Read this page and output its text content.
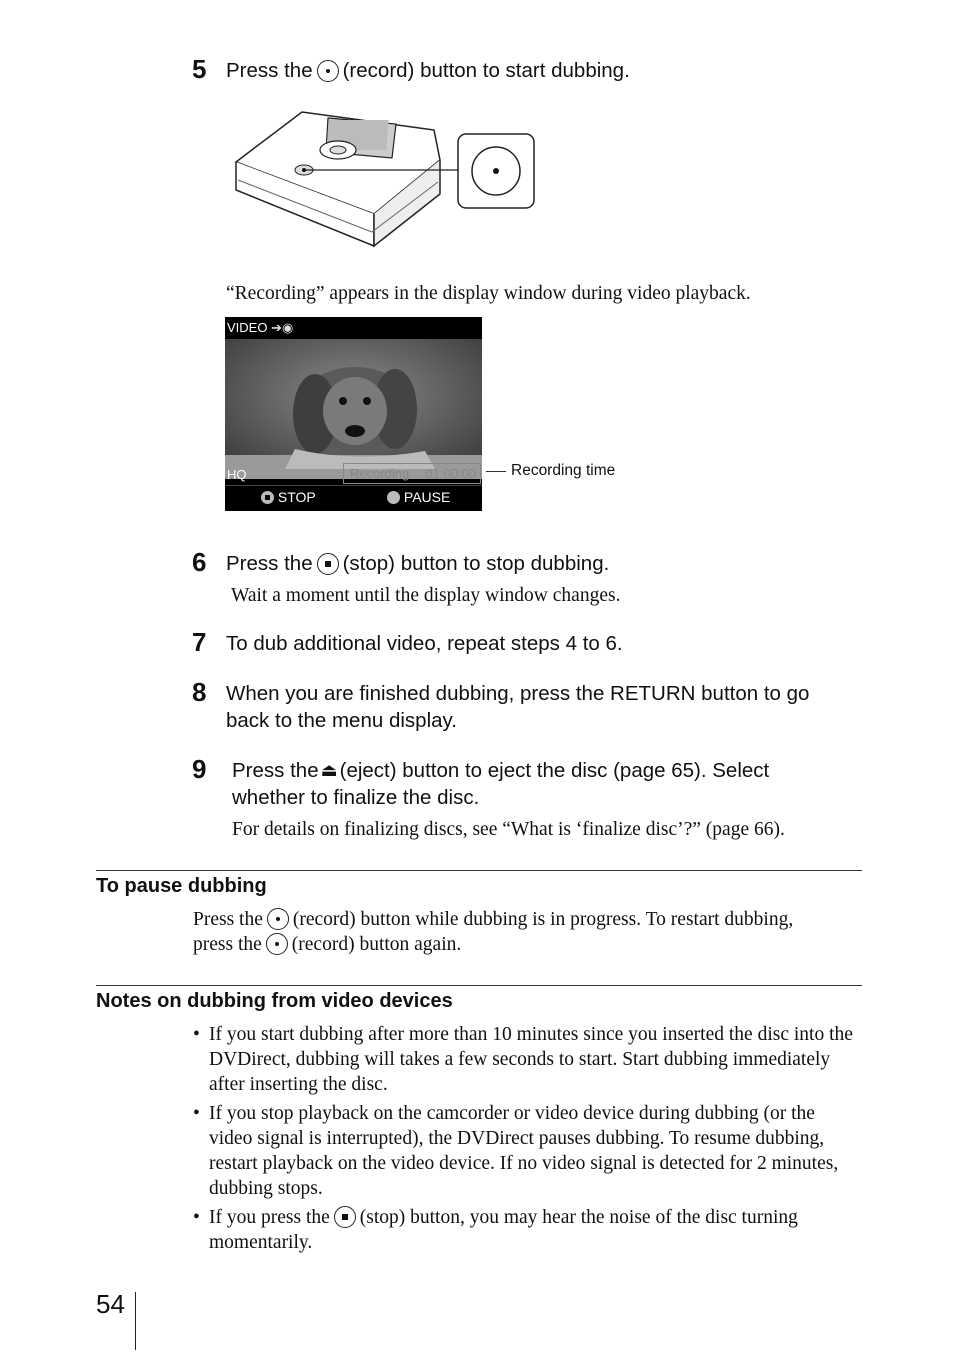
5 Press the (record) button to start dubbing.
“Recording” appears in the display window during video playback.
VIDEO ➔◉
HQ	Recording 01:00:00
STOP	PAUSE
Recording time
6 Press the (stop) button to stop dubbing.
Wait a moment until the display window changes.
7 To dub additional video, repeat steps 4 to 6.
8 When you are finished dubbing, press the RETURN button to go
back to the menu display.
9 Press the ⏏(eject) button to eject the disc (page 65). Select
whether to finalize the disc.
For details on finalizing discs, see “What is ‘finalize disc’?” (page 66).
To pause dubbing
Press the (record) button while dubbing is in progress. To restart dubbing,
press the (record) button again.
Notes on dubbing from video devices
• If you start dubbing after more than 10 minutes since you inserted the disc into the DVDirect, dubbing will takes a few seconds to start. Start dubbing immediately after inserting the disc.
• If you stop playback on the camcorder or video device during dubbing (or the video signal is interrupted), the DVDirect pauses dubbing. To resume dubbing, restart playback on the video device. If no video signal is detected for 2 minutes, dubbing stops.
• If you press the (stop) button, you may hear the noise of the disc turning momentarily.
54
